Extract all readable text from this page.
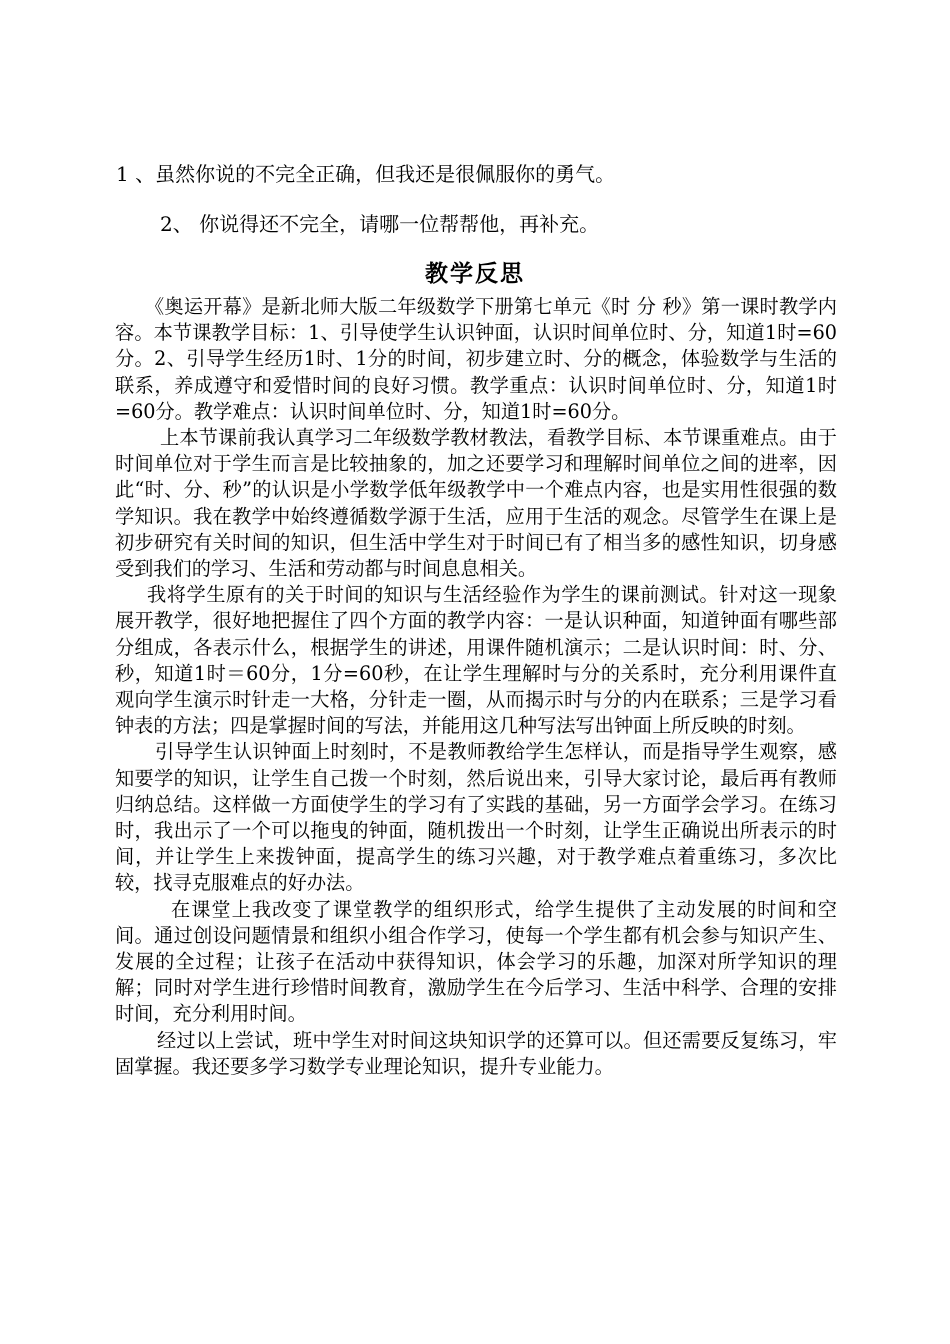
1 、虽然你说的不完全正确，但我还是很佩服你的勇气。
2、 你说得还不完全，请哪一位帮帮他，再补充。
教学反思

《奥运开幕》是新北师大版二年级数学下册第七单元《时 分 秒》第一课时教学内容。本节课教学目标：1、引导使学生认识钟面，认识时间单位时、分，知道1时=60分。2、引导学生经历1时、1分的时间，初步建立时、分的概念，体验数学与生活的联系，养成遵守和爱惜时间的良好习惯。教学重点：认识时间单位时、分，知道1时=60分。教学难点：认识时间单位时、分，知道1时=60分。

上本节课前我认真学习二年级数学教材教法，看教学目标、本节课重难点。由于时间单位对于学生而言是比较抽象的，加之还要学习和理解时间单位之间的进率，因此“时、分、秒”的认识是小学数学低年级教学中一个难点内容，也是实用性很强的数学知识。我在教学中始终遵循数学源于生活，应用于生活的观念。尽管学生在课上是初步研究有关时间的知识，但生活中学生对于时间已有了相当多的感性知识，切身感受到我们的学习、生活和劳动都与时间息息相关。

我将学生原有的关于时间的知识与生活经验作为学生的课前测试。针对这一现象展开教学，很好地把握住了四个方面的教学内容：一是认识种面，知道钟面有哪些部分组成，各表示什么，根据学生的讲述，用课件随机演示；二是认识时间：时、分、秒，知道1时＝60分，1分=60秒，在让学生理解时与分的关系时，充分利用课件直观向学生演示时针走一大格，分针走一圈，从而揭示时与分的内在联系；三是学习看钟表的方法；四是掌握时间的写法，并能用这几种写法写出钟面上所反映的时刻。

引导学生认识钟面上时刻时，不是教师教给学生怎样认，而是指导学生观察，感知要学的知识，让学生自己拨一个时刻，然后说出来，引导大家讨论，最后再有教师归纳总结。这样做一方面使学生的学习有了实践的基础，另一方面学会学习。在练习时，我出示了一个可以拖曳的钟面，随机拨出一个时刻，让学生正确说出所表示的时间，并让学生上来拨钟面，提高学生的练习兴趣，对于教学难点着重练习，多次比较，找寻克服难点的好办法。

在课堂上我改变了课堂教学的组织形式，给学生提供了主动发展的时间和空间。通过创设问题情景和组织小组合作学习，使每一个学生都有机会参与知识产生、发展的全过程；让孩子在活动中获得知识，体会学习的乐趣，加深对所学知识的理解；同时对学生进行珍惜时间教育，激励学生在今后学习、生活中科学、合理的安排时间，充分利用时间。

经过以上尝试，班中学生对时间这块知识学的还算可以。但还需要反复练习，牢固掌握。我还要多学习数学专业理论知识，提升专业能力。
